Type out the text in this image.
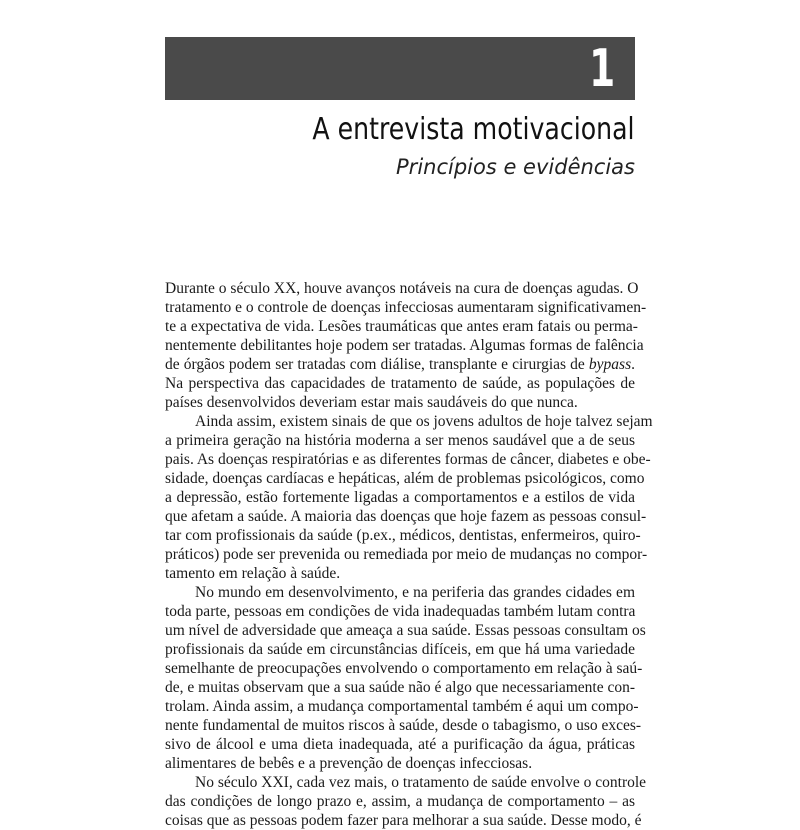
1
A entrevista motivacional
Princípios e evidências

Durante o século XX, houve avanços notáveis na cura de doenças agudas. O
tratamento e o controle de doenças infecciosas aumentaram significativamen-
te a expectativa de vida. Lesões traumáticas que antes eram fatais ou perma-
nentemente debilitantes hoje podem ser tratadas. Algumas formas de falência
de órgãos podem ser tratadas com diálise, transplante e cirurgias de bypass.
Na perspectiva das capacidades de tratamento de saúde, as populações de
países desenvolvidos deveriam estar mais saudáveis do que nunca.

Ainda assim, existem sinais de que os jovens adultos de hoje talvez sejam
a primeira geração na história moderna a ser menos saudável que a de seus
pais. As doenças respiratórias e as diferentes formas de câncer, diabetes e obe-
sidade, doenças cardíacas e hepáticas, além de problemas psicológicos, como
a depressão, estão fortemente ligadas a comportamentos e a estilos de vida
que afetam a saúde. A maioria das doenças que hoje fazem as pessoas consul-
tar com profissionais da saúde (p.ex., médicos, dentistas, enfermeiros, quiro-
práticos) pode ser prevenida ou remediada por meio de mudanças no compor-
tamento em relação à saúde.

No mundo em desenvolvimento, e na periferia das grandes cidades em
toda parte, pessoas em condições de vida inadequadas também lutam contra
um nível de adversidade que ameaça a sua saúde. Essas pessoas consultam os
profissionais da saúde em circunstâncias difíceis, em que há uma variedade
semelhante de preocupações envolvendo o comportamento em relação à saú-
de, e muitas observam que a sua saúde não é algo que necessariamente con-
trolam. Ainda assim, a mudança comportamental também é aqui um compo-
nente fundamental de muitos riscos à saúde, desde o tabagismo, o uso exces-
sivo de álcool e uma dieta inadequada, até a purificação da água, práticas
alimentares de bebês e a prevenção de doenças infecciosas.

No século XXI, cada vez mais, o tratamento de saúde envolve o controle
das condições de longo prazo e, assim, a mudança de comportamento – as
coisas que as pessoas podem fazer para melhorar a sua saúde. Desse modo, é
